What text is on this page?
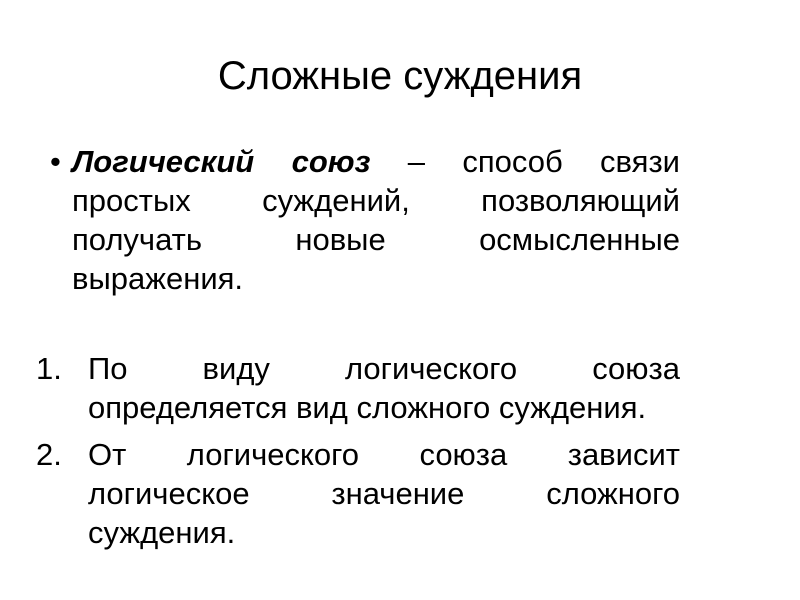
Сложные суждения
• Логический союз – способ связи простых суждений, позволяющий получать новые осмысленные выражения.
1. По виду логического союза определяется вид сложного суждения.
2. От логического союза зависит логическое значение сложного суждения.
